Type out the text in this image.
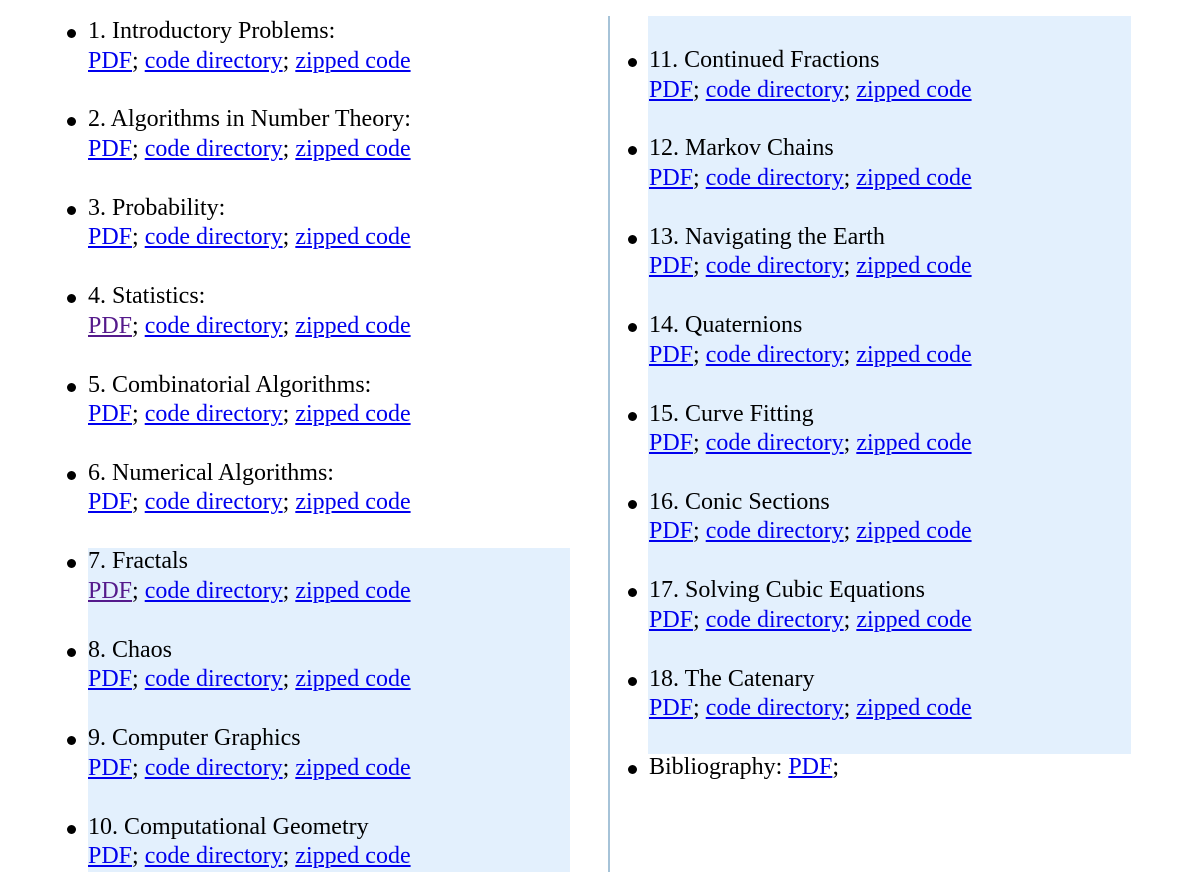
1. Introductory Problems:
PDF; code directory; zipped code
2. Algorithms in Number Theory:
PDF; code directory; zipped code
3. Probability:
PDF; code directory; zipped code
4. Statistics:
PDF; code directory; zipped code
5. Combinatorial Algorithms:
PDF; code directory; zipped code
6. Numerical Algorithms:
PDF; code directory; zipped code
7. Fractals
PDF; code directory; zipped code
8. Chaos
PDF; code directory; zipped code
9. Computer Graphics
PDF; code directory; zipped code
10. Computational Geometry
PDF; code directory; zipped code
11. Continued Fractions
PDF; code directory; zipped code
12. Markov Chains
PDF; code directory; zipped code
13. Navigating the Earth
PDF; code directory; zipped code
14. Quaternions
PDF; code directory; zipped code
15. Curve Fitting
PDF; code directory; zipped code
16. Conic Sections
PDF; code directory; zipped code
17. Solving Cubic Equations
PDF; code directory; zipped code
18. The Catenary
PDF; code directory; zipped code
Bibliography: PDF;
